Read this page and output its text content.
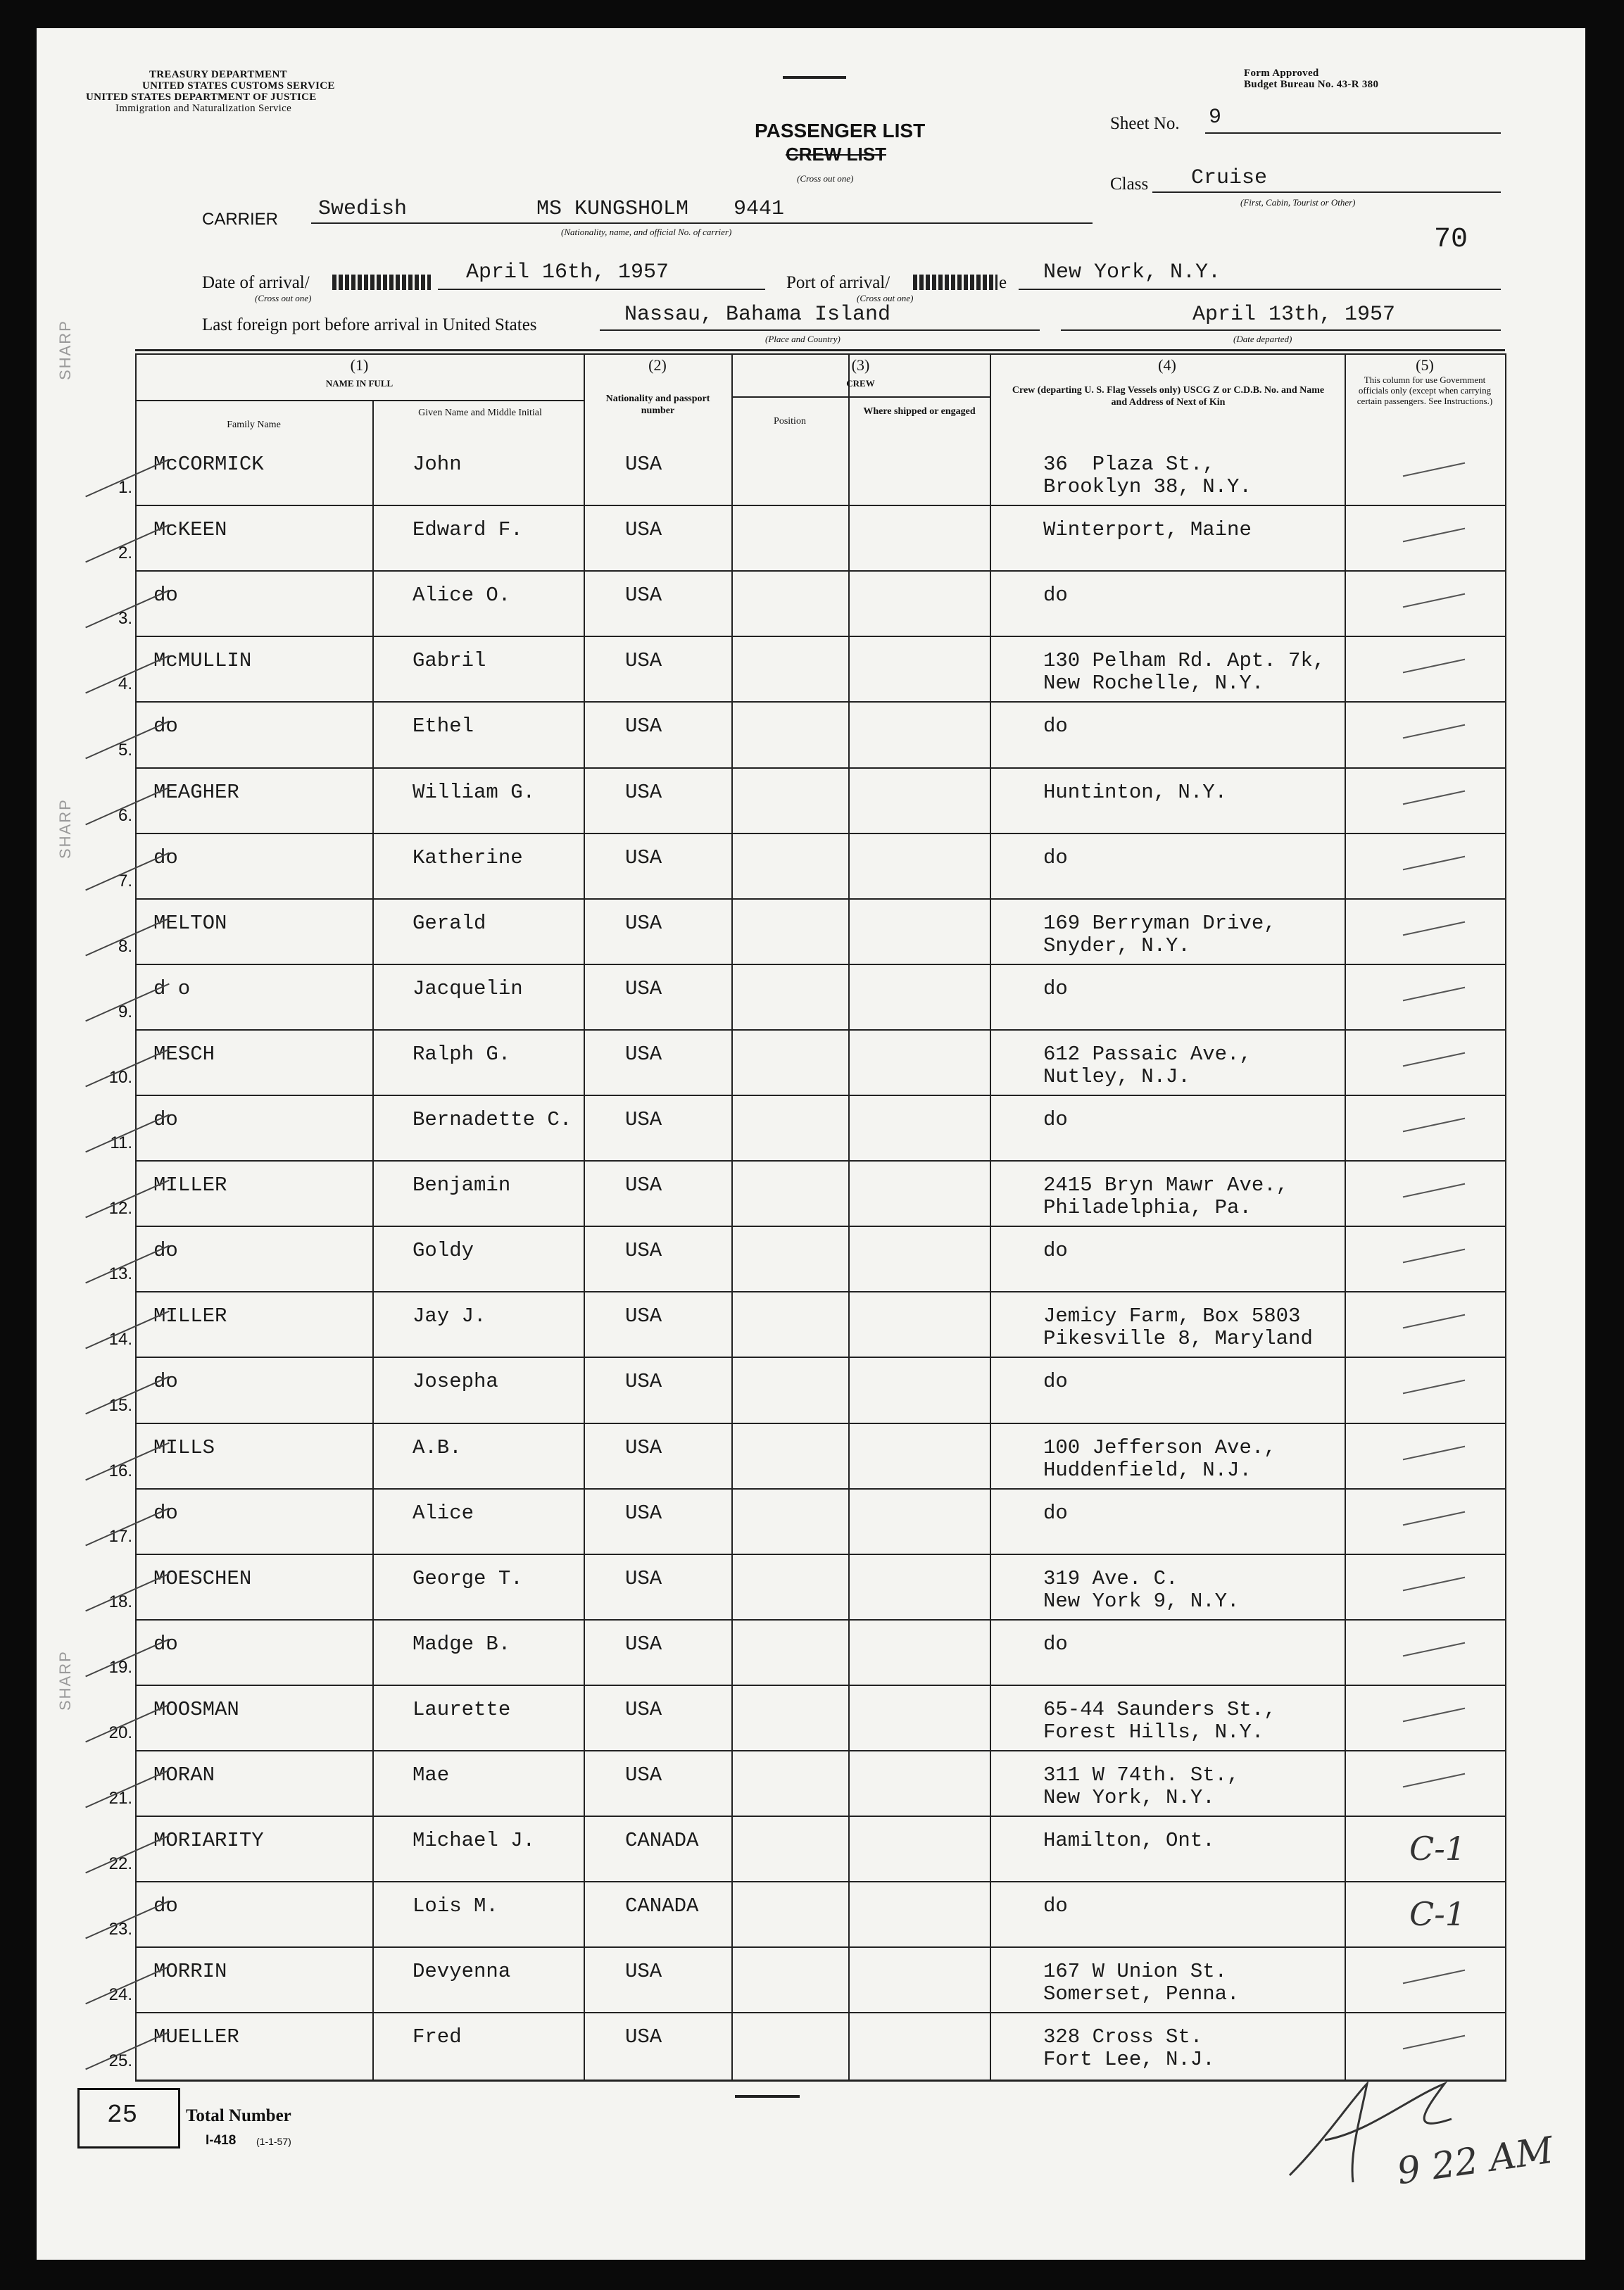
SHARP
SHARP
SHARP
TREASURY DEPARTMENT
UNITED STATES CUSTOMS SERVICE
UNITED STATES DEPARTMENT OF JUSTICE
Immigration and Naturalization Service
Form Approved
Budget Bureau No. 43-R 380
PASSENGER LIST
CREW LIST
(Cross out one)
Sheet No. 9
Class Cruise
(First, Cabin, Tourist or Other)
CARRIER Swedish	MS KUNGSHOLM 9441
(Nationality, name, and official No. of carrier)	70
Date of arrival/	April 16th, 1957
(Cross out one)
Port of arrival/	e New York, N.Y.
(Cross out one)
Last foreign port before arrival in United States	Nassau, Bahama Island
(Place and Country)
April 13th, 1957
(Date departed)
(1)
NAME IN FULL
Family Name
Given Name and Middle Initial
(2)
Nationality and passport number
(3)
CREW
Position
Where shipped or engaged
(4)
Crew (departing U. S. Flag Vessels only) USCG Z or C.D.B. No. and Name and Address of Next of Kin
(5)
This column for use Government officials only (except when carrying certain passengers. See Instructions.)
1.
McCORMICK	John	USA	36  Plaza St.,
Brooklyn 38, N.Y.
2.
McKEEN	Edward F.	USA	Winterport, Maine
3.
do	Alice O.	USA	do
4.
McMULLIN	Gabril	USA	130 Pelham Rd. Apt. 7k,
New Rochelle, N.Y.
5.
do	Ethel	USA	do
6.
MEAGHER	William G.	USA	Huntinton, N.Y.
7.
do	Katherine	USA	do
8.
MELTON	Gerald	USA	169 Berryman Drive,
Snyder, N.Y.
9.
d o	Jacquelin	USA	do
10.
MESCH	Ralph G.	USA	612 Passaic Ave.,
Nutley, N.J.
11.
do	Bernadette C.	USA	do
12.
MILLER	Benjamin	USA	2415 Bryn Mawr Ave.,
Philadelphia, Pa.
13.
do	Goldy	USA	do
14.
MILLER	Jay J.	USA	Jemicy Farm, Box 5803
Pikesville 8, Maryland
15.
do	Josepha	USA	do
16.
MILLS	A.B.	USA	100 Jefferson Ave.,
Huddenfield, N.J.
17.
do	Alice	USA	do
18.
MOESCHEN	George T.	USA	319 Ave. C.
New York 9, N.Y.
19.
do	Madge B.	USA	do
20.
MOOSMAN	Laurette	USA	65-44 Saunders St.,
Forest Hills, N.Y.
21.
MORAN	Mae	USA	311 W 74th. St.,
New York, N.Y.
22.
MORIARITY	Michael J.	CANADA	Hamilton, Ont.	C-1
23.
do	Lois M.	CANADA	do	C-1
24.
MORRIN	Devyenna	USA	167 W Union St.
Somerset, Penna.
25.
MUELLER	Fred	USA	328 Cross St.
Fort Lee, N.J.
25	Total Number
I-418 (1-1-57)	9 22 AM
